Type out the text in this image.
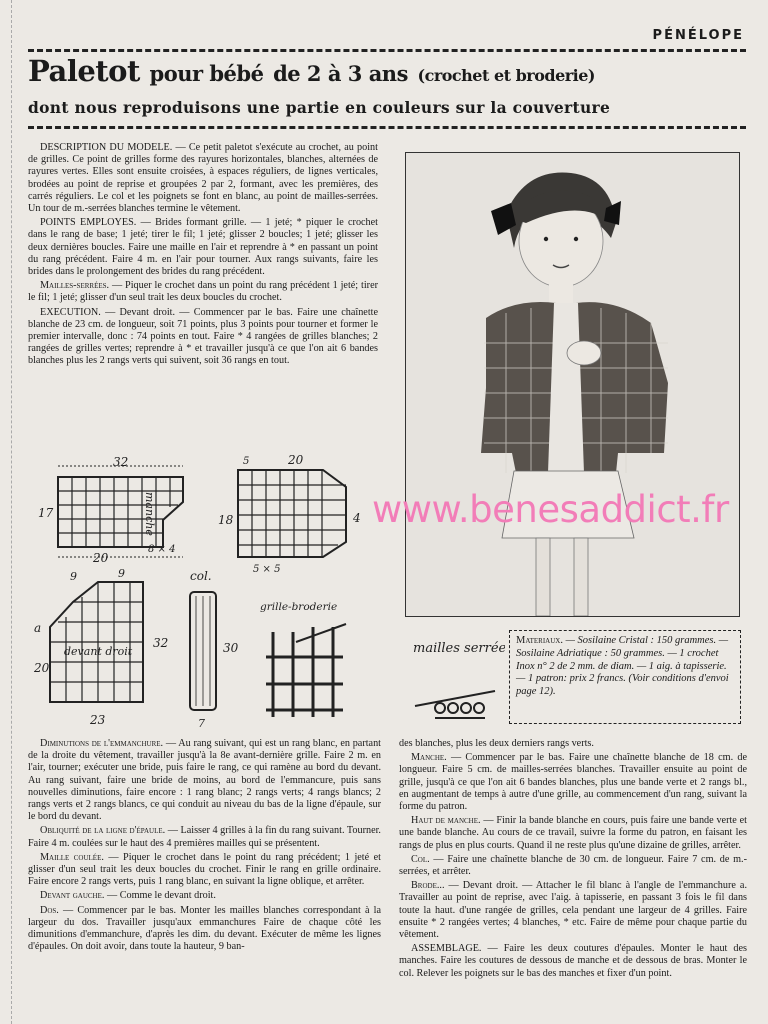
PÉNÉLOPE
Paletot pour bébé de 2 à 3 ans (crochet et broderie)
dont nous reproduisons une partie en couleurs sur la couverture

DESCRIPTION DU MODELE. — Ce petit paletot s'exécute au crochet, au point de grilles. Ce point de grilles forme des rayures horizontales, blanches, alternées de rayures vertes. Elles sont ensuite croisées, à espaces réguliers, de lignes verticales, brodées au point de reprise et groupées 2 par 2, formant, avec les premières, des carrés réguliers. Le col et les poignets se font en blanc, au point de mailles-serrées. Un tour de m.-serrées blanches termine le vêtement.

POINTS EMPLOYES. — Brides formant grille. — 1 jeté; * piquer le crochet dans le rang de base; 1 jeté; tirer le fil; 1 jeté; glisser 2 boucles; 1 jeté; glisser les deux dernières boucles. Faire une maille en l'air et reprendre à * en passant un point du rang précédent. Faire 4 m. en l'air pour tourner. Aux rangs suivants, faire les brides dans le prolongement des brides du rang précédent.

Mailles-serrées. — Piquer le crochet dans un point du rang précédent 1 jeté; tirer le fil; 1 jeté; glisser d'un seul trait les deux boucles du crochet.

EXECUTION. — Devant droit. — Commencer par le bas. Faire une chaînette blanche de 23 cm. de longueur, soit 71 points, plus 3 points pour tourner et former le premier intervalle, donc : 74 points en tout. Faire * 4 rangées de grilles blanches; 2 rangées de grilles vertes; reprendre à * et travailler jusqu'à ce que l'on ait 6 bandes blanches plus les 2 rangs verts qui suivent, soit 36 rangs en tout.

www.benesaddict.fr
32
17
20
8 × 4
20
5
4
18
manche
5 × 5
9	9
32
20
a
devant droit
23
col.
30
7
grille-broderie
mailles serrées
Materiaux. — Sosilaine Cristal : 150 grammes. — Sosilaine Adriatique : 50 grammes. — 1 crochet Inox n° 2 de 2 mm. de diam. — 1 aig. à tapisserie. — 1 patron: prix 2 francs. (Voir conditions d'envoi page 12).

Diminutions de l'emmanchure. — Au rang suivant, qui est un rang blanc, en partant de la droite du vêtement, travailler jusqu'à la 8e avant-dernière grille. Faire 2 m. en l'air, tourner; exécuter une bride, puis faire le rang, ce qui ramène au bord du devant. Au rang suivant, faire une bride de moins, au bord de l'emmancure, puis sans nouvelles diminutions, faire encore : 1 rang blanc; 2 rangs verts; 4 rangs blancs; 2 rangs verts et 2 rangs blancs, ce qui conduit au niveau du bas de la ligne d'épaule, sur le bord du devant.

Obliquité de la ligne d'épaule. — Laisser 4 grilles à la fin du rang suivant. Tourner. Faire 4 m. coulées sur le haut des 4 premières mailles qui se présentent.

Maille coulée. — Piquer le crochet dans le point du rang précédent; 1 jeté et glisser d'un seul trait les deux boucles du crochet. Finir le rang en grille ordinaire. Faire encore 2 rangs verts, puis 1 rang blanc, en suivant la ligne oblique, et arrêter.

Devant gauche. — Comme le devant droit.

Dos. — Commencer par le bas. Monter les mailles blanches correspondant à la largeur du dos. Travailler jusqu'aux emmanchures Faire de chaque côté les dimunitions d'emmanchure, d'après les dim. du devant. Exécuter de même les lignes d'épaules. On doit avoir, dans toute la hauteur, 9 ban-

des blanches, plus les deux derniers rangs verts.

Manche. — Commencer par le bas. Faire une chaînette blanche de 18 cm. de longueur. Faire 5 cm. de mailles-serrées blanches. Travailler ensuite au point de grille, jusqu'à ce que l'on ait 6 bandes blanches, plus une bande verte et 2 rangs bl., en augmentant de temps à autre d'une grille, au commencement d'un rang, suivant la forme du patron.

Haut de manche. — Finir la bande blanche en cours, puis faire une bande verte et une bande blanche. Au cours de ce travail, suivre la forme du patron, en faisant les rangs de plus en plus courts. Quand il ne reste plus qu'une dizaine de grilles, arrêter.

Col. — Faire une chaînette blanche de 30 cm. de longueur. Faire 7 cm. de m.-serrées, et arrêter.

Brode... — Devant droit. — Attacher le fil blanc à l'angle de l'emmanchure a. Travailler au point de reprise, avec l'aig. à tapisserie, en passant 3 fois le fil dans toute la haut. d'une rangée de grilles, cela pendant une largeur de 4 grilles. Faire ensuite * 2 rangées vertes; 4 blanches, * etc. Faire de même pour chaque partie du vêtement.

ASSEMBLAGE. — Faire les deux coutures d'épaules. Monter le haut des manches. Faire les coutures de dessous de manche et de dessous de bras. Monter le col. Relever les poignets sur le bas des manches et fixer d'un point.
